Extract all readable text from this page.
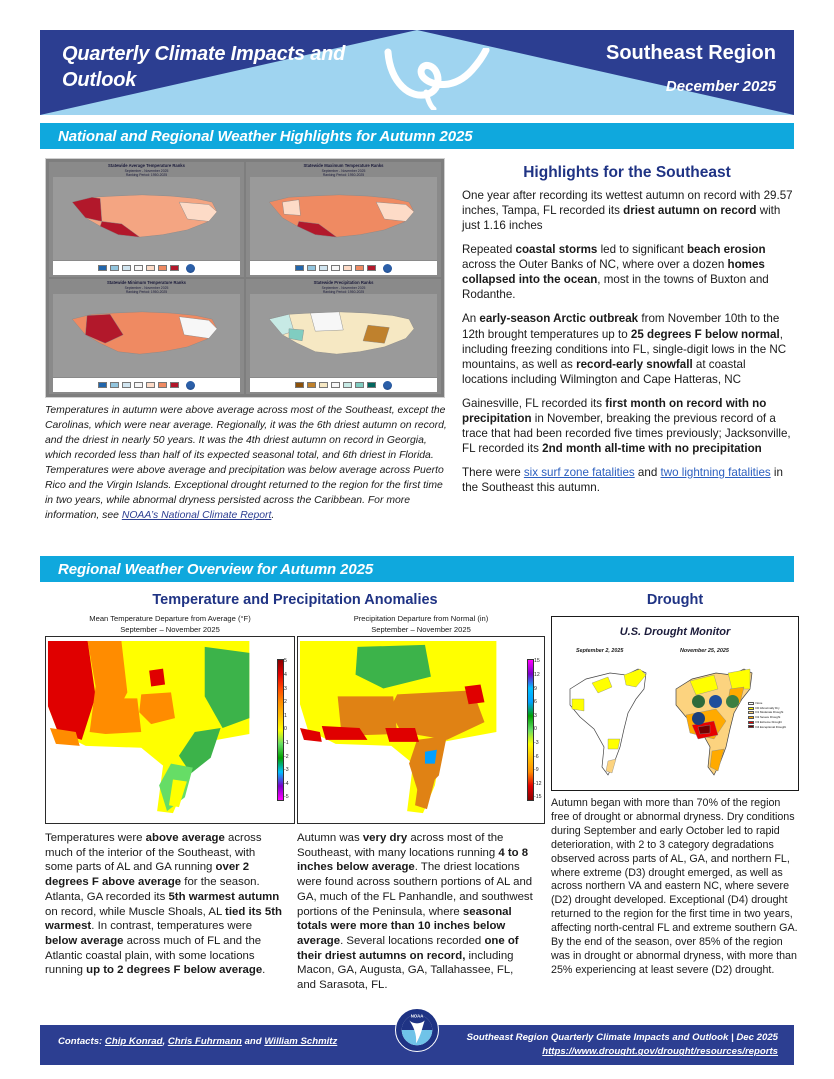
Quarterly Climate Impacts and Outlook
Southeast Region
December 2025
National and Regional Weather Highlights for Autumn 2025
Statewide Average Temperature Ranks
September - November 2025
Ranking Period: 1950-2025
Statewide Maximum Temperature Ranks
September - November 2025
Ranking Period: 1950-2025
Statewide Minimum Temperature Ranks
September - November 2025
Ranking Period: 1950-2025
Statewide Precipitation Ranks
September - November 2025
Ranking Period: 1950-2025
Temperatures in autumn were above average across most of the Southeast, except the Carolinas, which were near average. Regionally, it was the 6th driest autumn on record, and the driest in nearly 50 years. It was the 4th driest autumn on record in Georgia, which recorded less than half of its expected seasonal total, and 6th driest in Florida. Temperatures were above average and precipitation was below average across Puerto Rico and the Virgin Islands. Exceptional drought returned to the region for the first time in two years, while abnormal dryness persisted across the Caribbean. For more information, see NOAA’s National Climate Report.
Highlights for the Southeast

One year after recording its wettest autumn on record with 29.57 inches, Tampa, FL recorded its driest autumn on record with just 1.16 inches

Repeated coastal storms led to significant beach erosion across the Outer Banks of NC, where over a dozen homes collapsed into the ocean, most in the towns of Buxton and Rodanthe.

An early-season Arctic outbreak from November 10th to the 12th brought temperatures up to 25 degrees F below normal, including freezing conditions into FL, single-digit lows in the NC mountains, as well as record-early snowfall at coastal locations including Wilmington and Cape Hatteras, NC

Gainesville, FL recorded its first month on record with no precipitation in November, breaking the previous record of a trace that had been recorded five times previously; Jacksonville, FL recorded its 2nd month all-time with no precipitation

There were six surf zone fatalities and two lightning fatalities in the Southeast this autumn.

Regional Weather Overview for Autumn 2025
Temperature and Precipitation Anomalies	Drought
Mean Temperature Departure from Average (°F)
September – November 2025
5
4
3
2
1
0
-1
-2
-3
-4
-5
Precipitation Departure from Normal (in)
September – November 2025
15
12
9
6
3
0
-3
-6
-9
-12
-15
U.S. Drought Monitor
September 2, 2025	November 25, 2025
None
D0 Abnormally Dry
D1 Moderate Drought
D2 Severe Drought
D3 Extreme Drought
D4 Exceptional Drought
Temperatures were above average across much of the interior of the Southeast, with some parts of AL and GA running over 2 degrees F above average for the season. Atlanta, GA recorded its 5th warmest autumn on record, while Muscle Shoals, AL tied its 5th warmest. In contrast, temperatures were below average across much of FL and the Atlantic coastal plain, with some locations running up to 2 degrees F below average.
Autumn was very dry across most of the Southeast, with many locations running 4 to 8 inches below average. The driest locations were found across southern portions of AL and GA, much of the FL Panhandle, and southwest portions of the Peninsula, where seasonal totals were more than 10 inches below average. Several locations recorded one of their driest autumns on record, including Macon, GA, Augusta, GA, Tallahassee, FL, and Sarasota, FL.
Autumn began with more than 70% of the region free of drought or abnormal dryness. Dry conditions during September and early October led to rapid deterioration, with 2 to 3 category degradations observed across parts of AL, GA, and northern FL, where extreme (D3) drought emerged, as well as across northern VA and eastern NC, where severe (D2) drought developed. Exceptional (D4) drought returned to the region for the first time in two years, affecting north-central FL and extreme southern GA. By the end of the season, over 85% of the region was in drought or abnormal dryness, with more than 25% experiencing at least severe (D2) drought.
Contacts: Chip Konrad, Chris Fuhrmann and William Schmitz	Southeast Region Quarterly Climate Impacts and Outlook | Dec 2025
https://www.drought.gov/drought/resources/reports
NOAA
